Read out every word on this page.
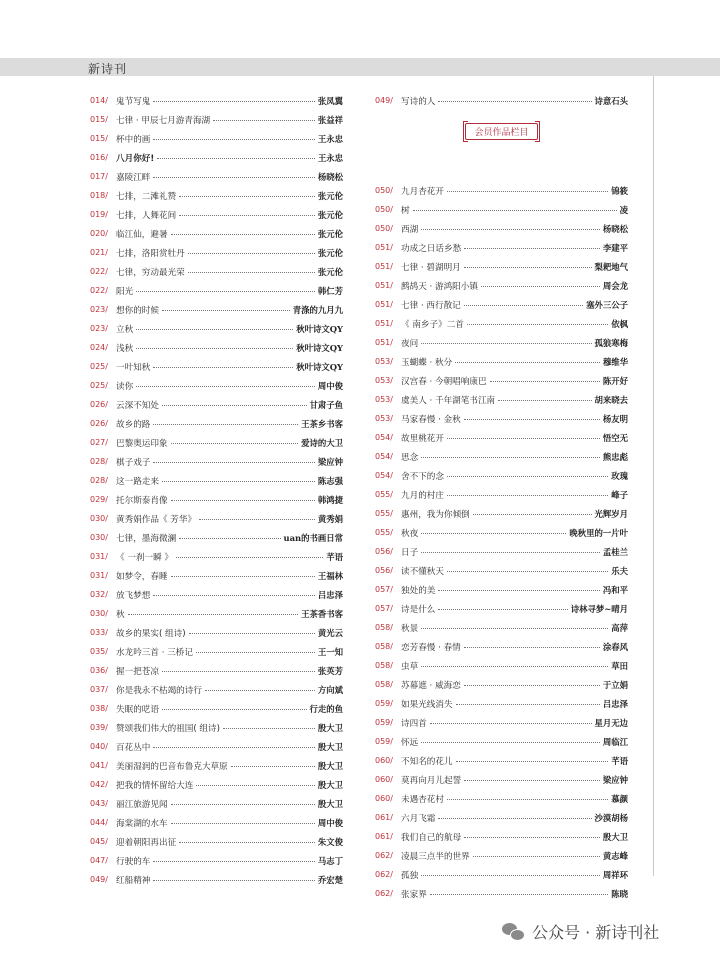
新诗刊
014/ 鬼节写鬼	张凤翼
015/ 七律 · 甲辰七月游青海湖	张益祥
015/ 杯中的画	王永忠
016/ 八月你好!	王永忠
017/ 嘉陵江畔	杨晓松
018/ 七排，二滩礼赞	张元伦
019/ 七排，人舞花间	张元伦
020/ 临江仙，避暑	张元伦
021/ 七排，洛阳赏牡丹	张元伦
022/ 七律，穷动最光荣	张元伦
022/ 阳光	韩仁芳
023/ 想你的时候	青涤的九月九
023/ 立秋	秋叶诗文QY
024/ 浅秋	秋叶诗文QY
025/ 一叶知秋	秋叶诗文QY
025/ 读你	周中俊
026/ 云深不知处	甘肃子鱼
026/ 故乡的路	王茶乡书客
027/ 巴黎奥运印象	爱诗的大卫
028/ 棋子戏子	梁应钟
028/ 这一路走来	陈志强
029/ 托尔斯泰肖像	韩鸿捷
030/ 黄秀娟作品《 芳华》	黄秀娟
030/ 七律，墨海微澜	uan的书画日常
031/ 《 一刹一瞬 》	芊语
031/ 如梦令，春睡	王福林
032/ 放飞梦想	吕忠泽
030/ 秋	王茶香书客
033/ 故乡的果实( 组诗)	黄光云
035/ 水龙吟三首 · 三桥记	王一知
036/ 握一把苍凉	张英芳
037/ 你是我永不枯竭的诗行	方向斌
038/ 失眠的呓语	行走的鱼
039/ 赞颂我们伟大的祖国( 组诗)	殷大卫
040/ 百花丛中	殷大卫
041/ 美丽湿润的巴音布鲁克大草原	殷大卫
042/ 把我的情怀留给大连	殷大卫
043/ 丽江旅游见闻	殷大卫
044/ 海棠湖的水车	周中俊
045/ 迎着朝阳再出征	朱文俊
047/ 行驶的车	马志丁
049/ 红船精神	乔宏楚
049/ 写诗的人	诗意石头
会员作品栏目
050/ 九月杏花开	锦筱
050/ 树	凌
050/ 西湖	杨晓松
051/ 功成之日话乡愁	李建平
051/ 七律 · 碧湖明月	梨耙地气
051/ 鹧鸪天 · 游鸿阳小镇	周会龙
051/ 七律 · 西行散记	塞外三公子
051/ 《 南乡子》二首	依枫
051/ 夜问	孤狼寒梅
053/ 玉蝴蝶 · 秋分	穆维华
053/ 汉宫春 · 今朝唱响康巴	陈开好
053/ 虞美人 · 千年湖笔书江南	胡来晓去
053/ 马家春慢 · 金秋	杨友明
054/ 故里桃花开	悟空无
054/ 思念	熊忠彪
054/ 舍不下的念	玫瑰
055/ 九月的村庄	峰子
055/ 惠州，我为你倾倒	光辉岁月
055/ 秋夜	晚秋里的一片叶
056/ 日子	孟桂兰
056/ 读不懂秋天	乐夫
057/ 独处的美	冯和平
057/ 诗是什么	诗林寻梦~晴月
058/ 秋景	高萍
058/ 恋芳春慢 · 春情	涂春风
058/ 虫草	草田
058/ 苏幕遮 · 威海恋	于立娟
059/ 如果光线消失	吕忠泽
059/ 诗四首	星月无边
059/ 怀远	周临江
060/ 不知名的花儿	芊语
060/ 莫再向月儿起誓	梁应钟
060/ 未遇杏花村	慕颜
061/ 六月飞霜	沙漠胡杨
061/ 我们自己的航母	殷大卫
062/ 凌晨三点半的世界	黄志峰
062/ 孤独	周祥环
062/ 张家界	陈晓
公众号 · 新诗刊社
